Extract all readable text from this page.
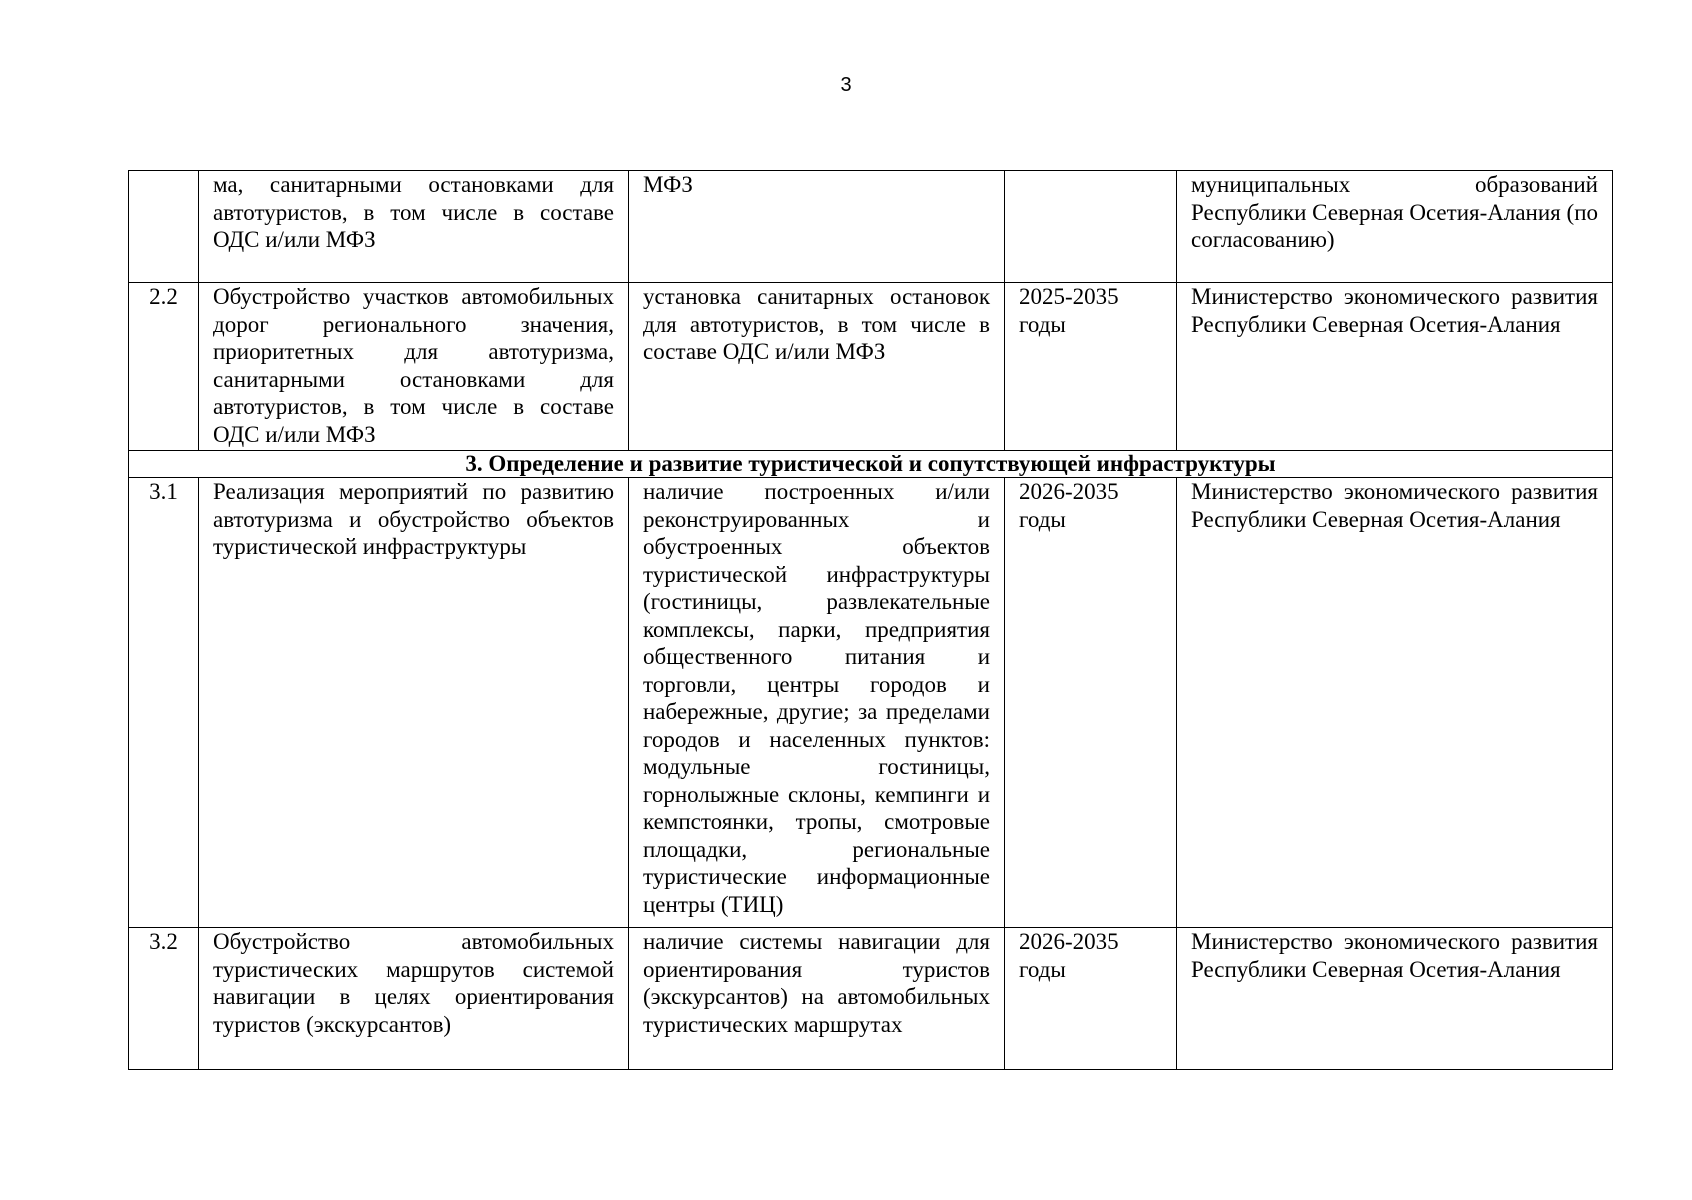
3
	ма, санитарными остановками для автотуристов, в том числе в составе ОДС и/или МФЗ	МФЗ		муниципальных образований Республики Северная Осетия-Алания (по согласованию)
2.2	Обустройство участков автомобильных дорог регионального значения, приоритетных для автотуризма, санитарными остановками для автотуристов, в том числе в составе ОДС и/или МФЗ	установка санитарных остановок для автотуристов, в том числе в составе ОДС и/или МФЗ	2025-2035 годы	Министерство экономического развития Республики Северная Осетия-Алания
3. Определение и развитие туристической и сопутствующей инфраструктуры				
3.1	Реализация мероприятий по развитию автотуризма и обустройство объектов туристической инфраструктуры	наличие построенных и/или реконструированных и обустроенных объектов туристической инфраструктуры (гостиницы, развлекательные комплексы, парки, предприятия общественного питания и торговли, центры городов и набережные, другие; за пределами городов и населенных пунктов: модульные гостиницы, горнолыжные склоны, кемпинги и кемпстоянки, тропы, смотровые площадки, региональные туристические информационные центры (ТИЦ)	2026-2035 годы	Министерство экономического развития Республики Северная Осетия-Алания
3.2	Обустройство автомобильных туристических маршрутов системой навигации в целях ориентирования туристов (экскурсантов)	наличие системы навигации для ориентирования туристов (экскурсантов) на автомобильных туристических маршрутах	2026-2035 годы	Министерство экономического развития Республики Северная Осетия-Алания
